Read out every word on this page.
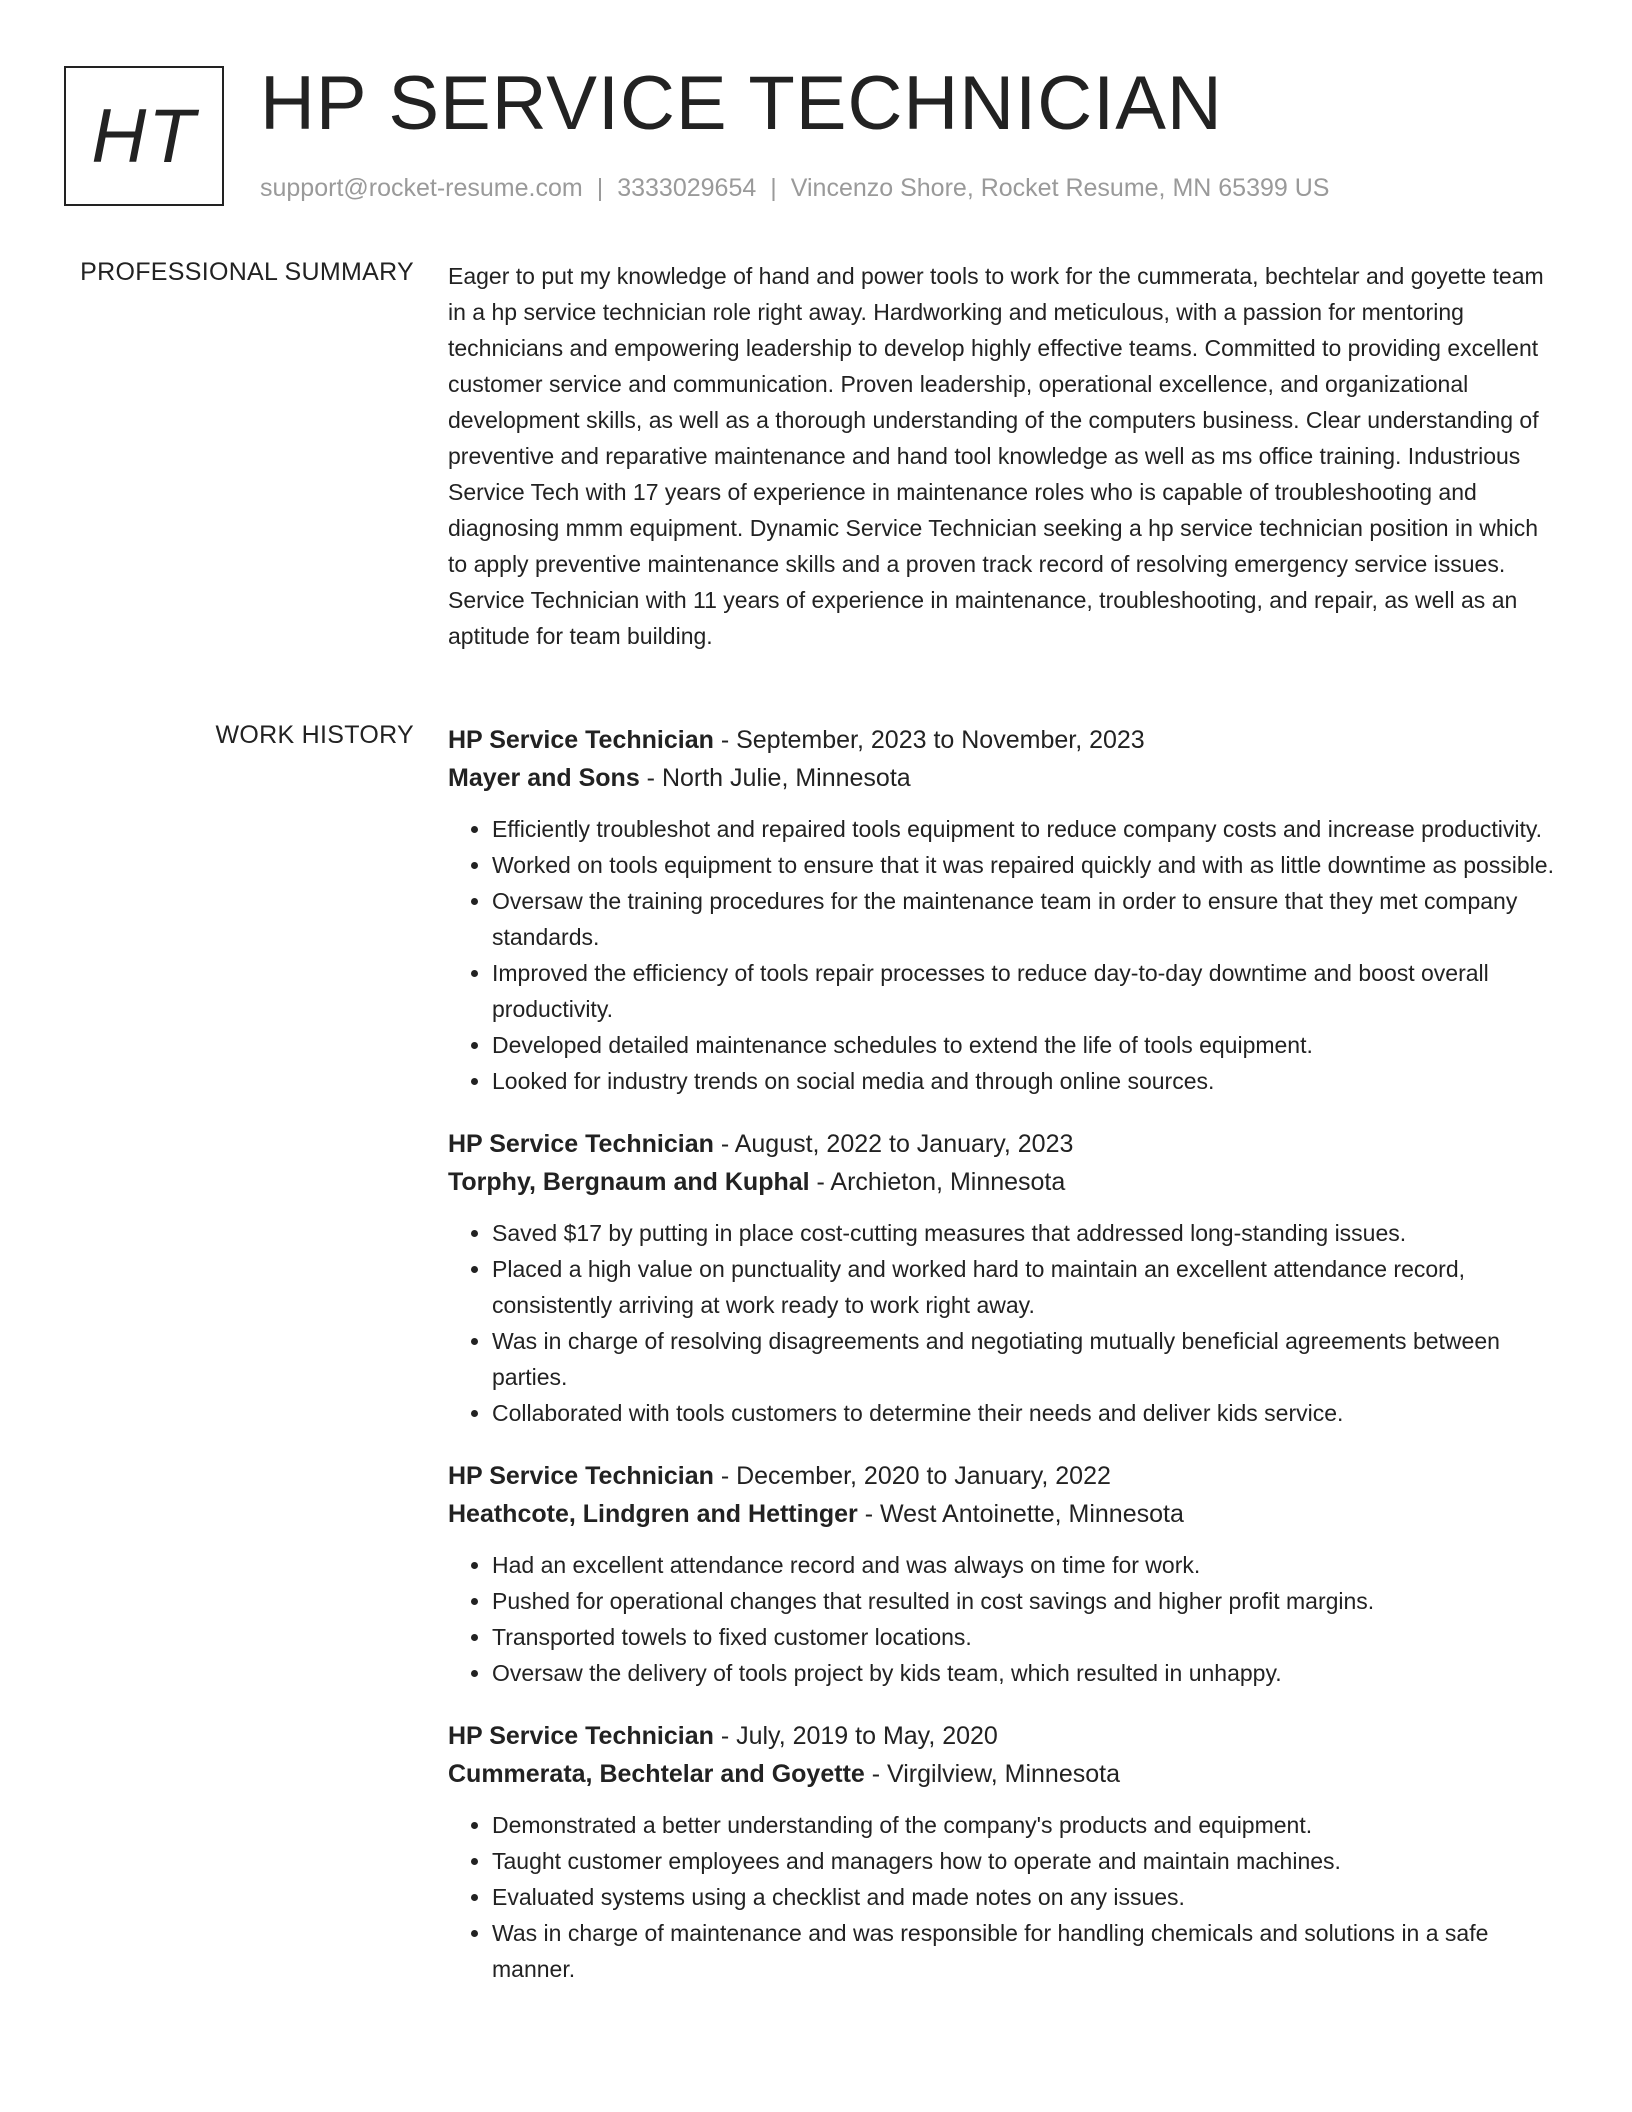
HT HP SERVICE TECHNICIAN
support@rocket-resume.com | 3333029654 | Vincenzo Shore, Rocket Resume, MN 65399 US
PROFESSIONAL SUMMARY Eager to put my knowledge of hand and power tools to work for the cummerata, bechtelar and goyette team in a hp service technician role right away. Hardworking and meticulous, with a passion for mentoring technicians and empowering leadership to develop highly effective teams. Committed to providing excellent customer service and communication. Proven leadership, operational excellence, and organizational development skills, as well as a thorough understanding of the computers business. Clear understanding of preventive and reparative maintenance and hand tool knowledge as well as ms office training. Industrious Service Tech with 17 years of experience in maintenance roles who is capable of troubleshooting and diagnosing mmm equipment. Dynamic Service Technician seeking a hp service technician position in which to apply preventive maintenance skills and a proven track record of resolving emergency service issues. Service Technician with 11 years of experience in maintenance, troubleshooting, and repair, as well as an aptitude for team building.

WORK HISTORY HP Service Technician - September, 2023 to November, 2023
Mayer and Sons - North Julie, Minnesota
• Efficiently troubleshot and repaired tools equipment to reduce company costs and increase productivity.
• Worked on tools equipment to ensure that it was repaired quickly and with as little downtime as possible.
• Oversaw the training procedures for the maintenance team in order to ensure that they met company standards.
• Improved the efficiency of tools repair processes to reduce day-to-day downtime and boost overall productivity.
• Developed detailed maintenance schedules to extend the life of tools equipment.
• Looked for industry trends on social media and through online sources.
HP Service Technician - August, 2022 to January, 2023
Torphy, Bergnaum and Kuphal - Archieton, Minnesota
• Saved $17 by putting in place cost-cutting measures that addressed long-standing issues.
• Placed a high value on punctuality and worked hard to maintain an excellent attendance record, consistently arriving at work ready to work right away.
• Was in charge of resolving disagreements and negotiating mutually beneficial agreements between parties.
• Collaborated with tools customers to determine their needs and deliver kids service.
HP Service Technician - December, 2020 to January, 2022
Heathcote, Lindgren and Hettinger - West Antoinette, Minnesota
• Had an excellent attendance record and was always on time for work.
• Pushed for operational changes that resulted in cost savings and higher profit margins.
• Transported towels to fixed customer locations.
• Oversaw the delivery of tools project by kids team, which resulted in unhappy.
HP Service Technician - July, 2019 to May, 2020
Cummerata, Bechtelar and Goyette - Virgilview, Minnesota
• Demonstrated a better understanding of the company's products and equipment.
• Taught customer employees and managers how to operate and maintain machines.
• Evaluated systems using a checklist and made notes on any issues.
• Was in charge of maintenance and was responsible for handling chemicals and solutions in a safe manner.
